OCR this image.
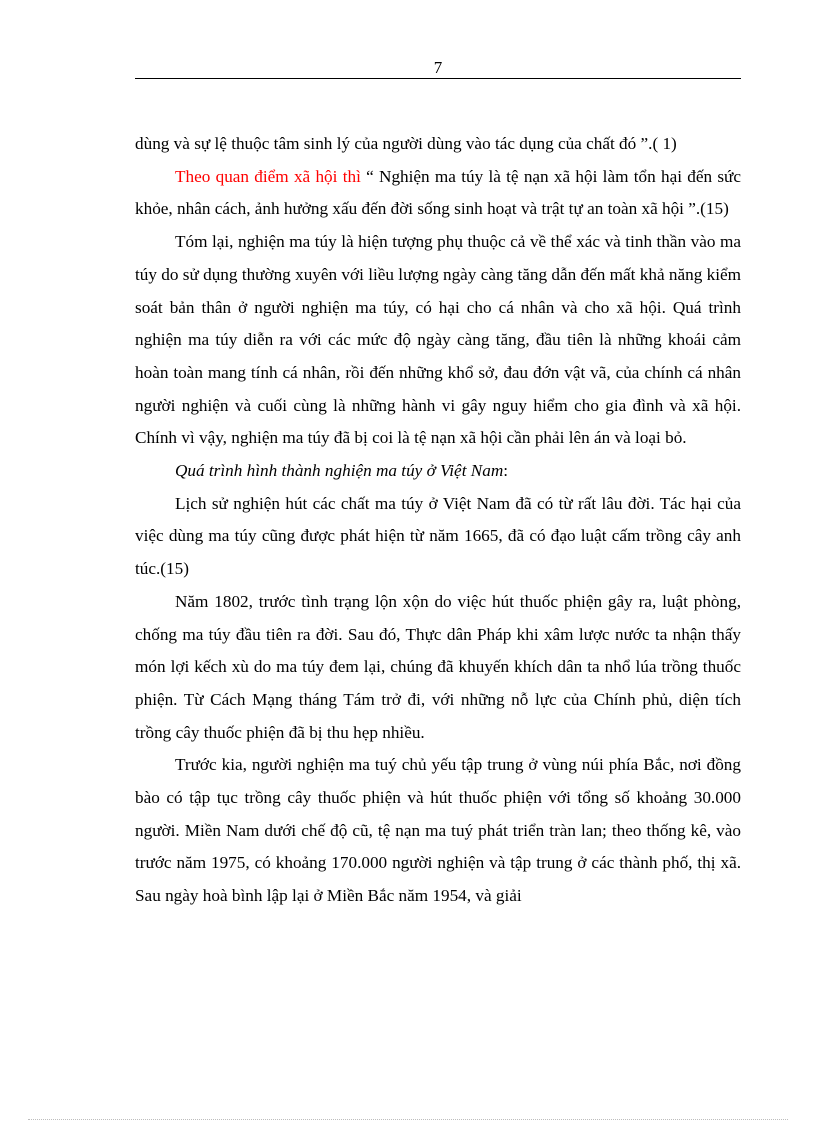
7

dùng và sự lệ thuộc tâm sinh lý của người dùng vào tác dụng của chất đó ”.( 1)

Theo quan điểm xã hội thì “ Nghiện ma túy là tệ nạn xã hội làm tổn hại đến sức khỏe, nhân cách, ảnh hưởng xấu đến đời sống sinh hoạt và trật tự an toàn xã hội ”.(15)

Tóm lại, nghiện ma túy là hiện tượng phụ thuộc cả về thể xác và tinh thần vào ma túy do sử dụng thường xuyên với liều lượng ngày càng tăng dẫn đến mất khả năng kiểm soát bản thân ở người nghiện ma túy, có hại cho cá nhân và cho xã hội. Quá trình nghiện ma túy diễn ra với các mức độ ngày càng tăng, đầu tiên là những khoái cảm hoàn toàn mang tính cá nhân, rồi đến những khổ sở, đau đớn vật vã, của chính cá nhân người nghiện và cuối cùng là những hành vi gây nguy hiểm cho gia đình và xã hội. Chính vì vậy, nghiện ma túy đã bị coi là tệ nạn xã hội cần phải lên án và loại bỏ.

Quá trình hình thành nghiện ma túy ở Việt Nam:

Lịch sử nghiện hút các chất ma túy ở Việt Nam đã có từ rất lâu đời. Tác hại của việc dùng ma túy cũng được phát hiện từ năm 1665, đã có đạo luật cấm trồng cây anh túc.(15)

Năm 1802, trước tình trạng lộn xộn do việc hút thuốc phiện gây ra, luật phòng, chống ma túy đầu tiên ra đời. Sau đó, Thực dân Pháp khi xâm lược nước ta nhận thấy món lợi kếch xù do ma túy đem lại, chúng đã khuyến khích dân ta nhổ lúa trồng thuốc phiện. Từ Cách Mạng tháng Tám trở đi, với những nỗ lực của Chính phủ, diện tích trồng cây thuốc phiện đã bị thu hẹp nhiều.

Trước kia, người nghiện ma tuý chủ yếu tập trung ở vùng núi phía Bắc, nơi đồng bào có tập tục trồng cây thuốc phiện và hút thuốc phiện với tổng số khoảng 30.000 người. Miền Nam dưới chế độ cũ, tệ nạn ma tuý phát triển tràn lan; theo thống kê, vào trước năm 1975, có khoảng 170.000 người nghiện và tập trung ở các thành phố, thị xã. Sau ngày hoà bình lập lại ở Miền Bắc năm 1954, và giải
